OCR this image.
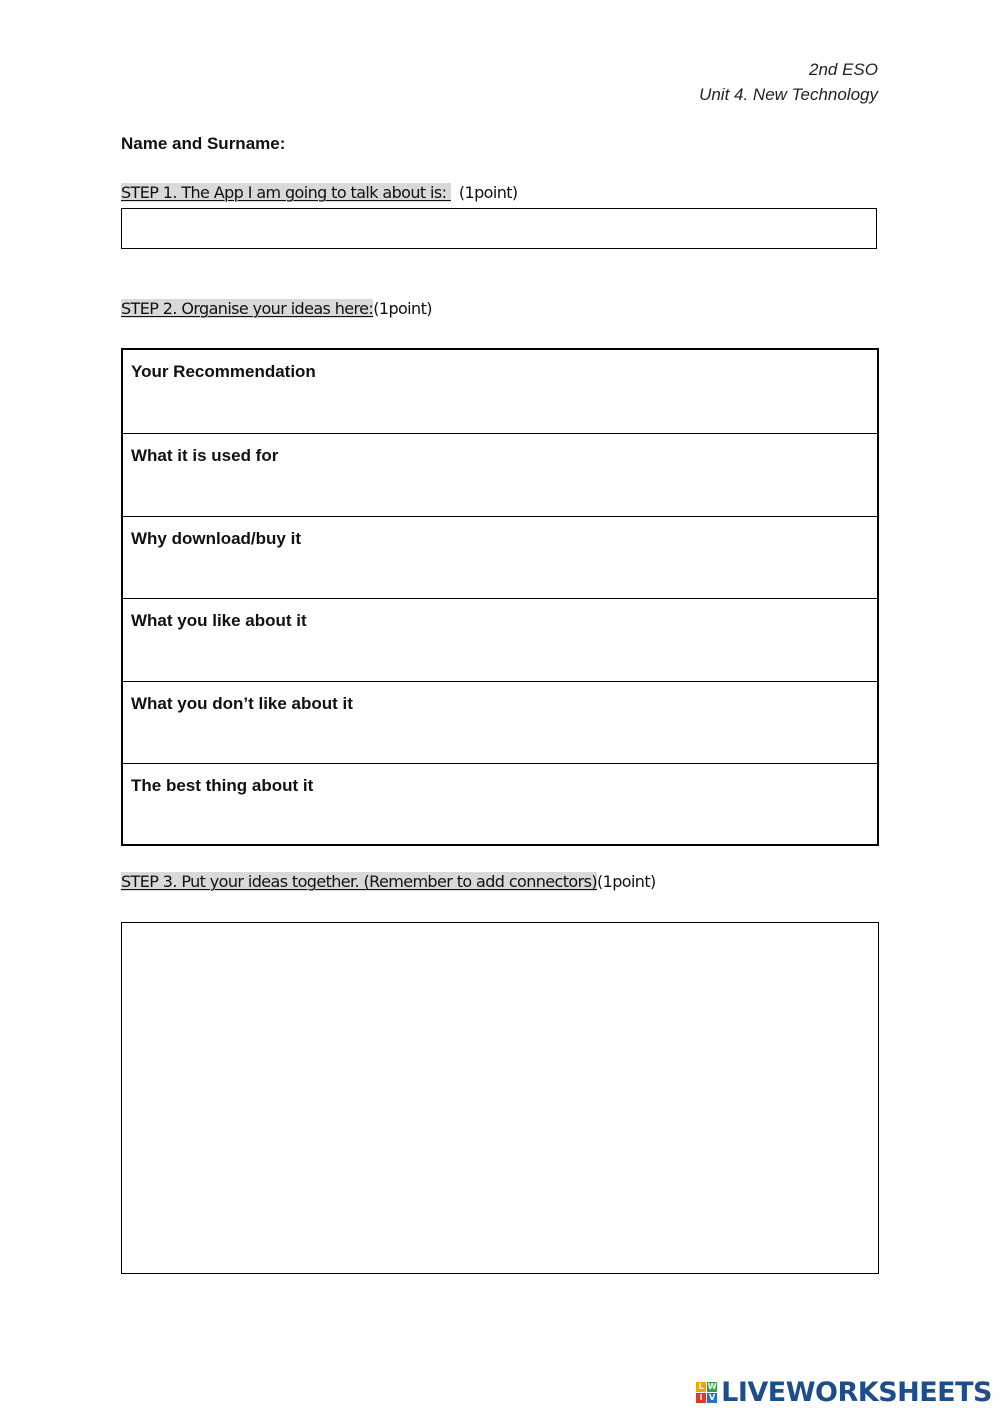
2nd ESO
Unit 4. New Technology
Name and Surname:
STEP 1. The App I am going to talk about is: (1point)
STEP 2. Organise your ideas here:(1point)
Your Recommendation
What it is used for
Why download/buy it
What you like about it
What you don’t like about it
The best thing about it
STEP 3. Put your ideas together. (Remember to add connectors)(1point)
L W
I V LIVEWORKSHEETS
